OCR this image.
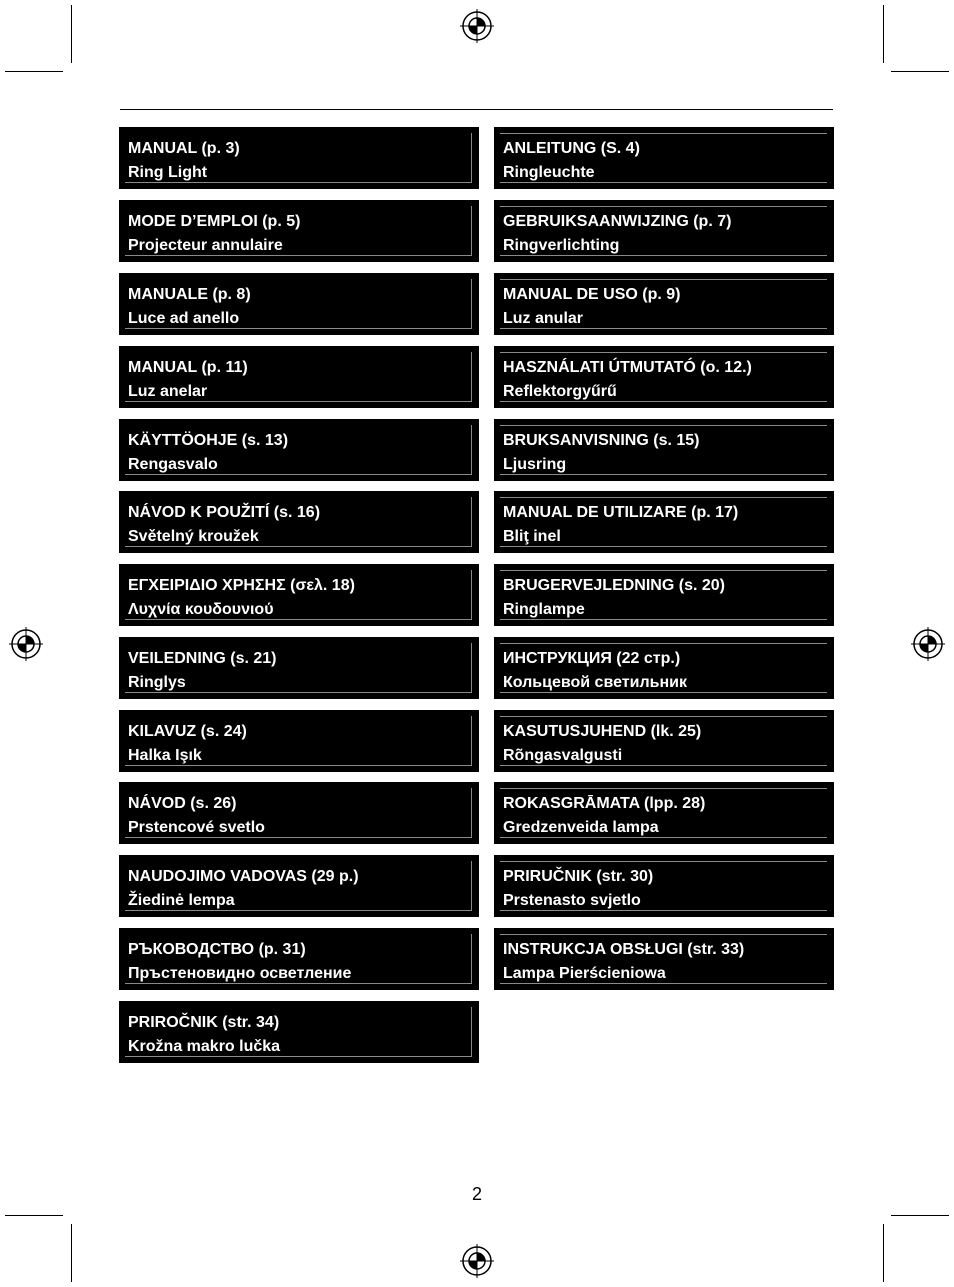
MANUAL (p. 3)
Ring Light
MODE D’EMPLOI (p. 5)
Projecteur annulaire
MANUALE (p. 8)
Luce ad anello
MANUAL (p. 11)
Luz anelar
KÄYTTÖOHJE (s. 13)
Rengasvalo
NÁVOD K POUŽITÍ (s. 16)
Světelný kroužek
ΕΓΧΕΙΡΙΔΙΟ ΧΡΗΣΗΣ (σελ. 18)
Λυχνία κουδουνιού
VEILEDNING (s. 21)
Ringlys
KILAVUZ (s. 24)
Halka Işık
NÁVOD (s. 26)
Prstencové svetlo
NAUDOJIMO VADOVAS (29 p.)
Žiedinė lempa
РЪКОВОДСТВО (p. 31)
Пръстеновидно осветление
PRIROČNIK (str. 34)
Krožna makro lučka
ANLEITUNG (S. 4)
Ringleuchte
GEBRUIKSAANWIJZING (p. 7)
Ringverlichting
MANUAL DE USO (p. 9)
Luz anular
HASZNÁLATI ÚTMUTATÓ (o. 12.)
Reflektorgyűrű
BRUKSANVISNING (s. 15)
Ljusring
MANUAL DE UTILIZARE (p. 17)
Bliţ inel
BRUGERVEJLEDNING (s. 20)
Ringlampe
ИНСТРУКЦИЯ (22 стр.)
Кольцевой светильник
KASUTUSJUHEND (lk. 25)
Rõngasvalgusti
ROKASGRĀMATA (lpp. 28)
Gredzenveida lampa
PRIRUČNIK (str. 30)
Prstenasto svjetlo
INSTRUKCJA OBSŁUGI (str. 33)
Lampa Pierścieniowa
2
